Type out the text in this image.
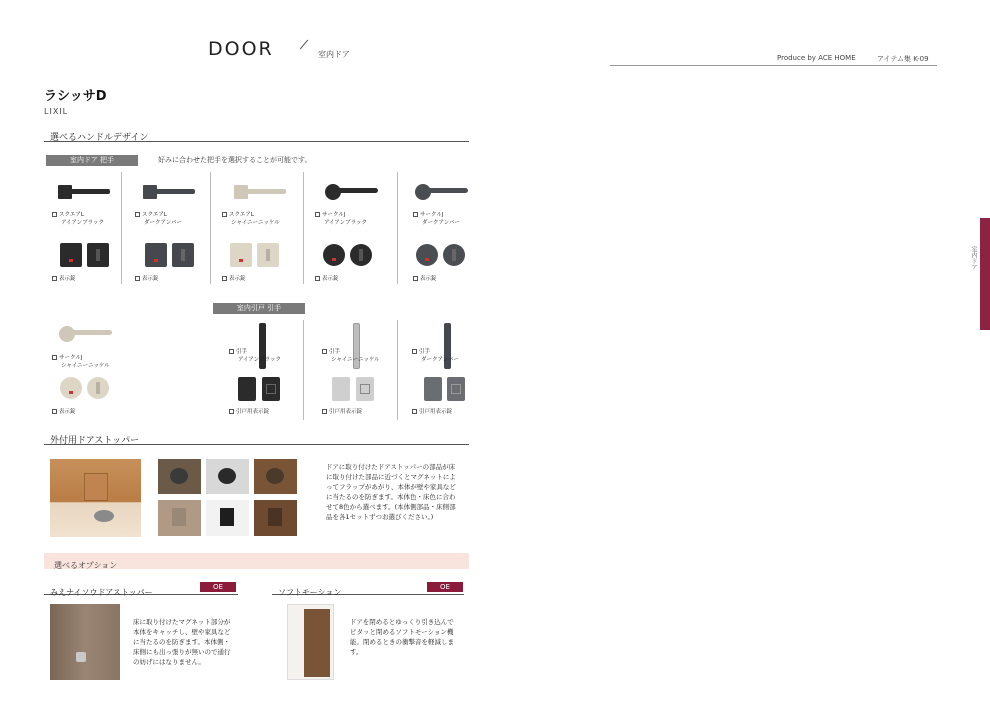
DOOR	室内ドア	Produce by ACE HOME	アイテム集 K-09
室内ドア
ラシッサD
LIXIL
選べるハンドルデザイン
室内ドア 把手	好みに合わせた把手を選択することが可能です。
スクエアL
アイアンブラック
表示錠
スクエアL
ダークアンバー
表示錠
スクエアL
シャイニーニッケル
表示錠
サークルJ
アイアンブラック
表示錠
サークルJ
ダークアンバー
表示錠
室内引戸 引手
サークルJ
シャイニーニッケル
表示錠
引手
アイアンブラック
引戸用表示錠
引手
シャイニーニッケル
引戸用表示錠
引手
ダークアンバー
引戸用表示錠
外付用ドアストッパー
ドアに取り付けたドアストッパーの部品が床に取り付けた部品に近づくとマグネットによってフラップがあがり、本体が壁や家具などに当たるのを防ぎます。本体色・床色に合わせて8色から選べます。(本体側部品・床側部品を各1セットずつお選びください。)
選べるオプション
みえナイソウドアストッパー
OE
床に取り付けたマグネット部分が本体をキャッチし、壁や家具などに当たるのを防ぎます。本体側・床側にも出っ張りが無いので通行の妨げにはなりません。
ソフトモーション
OE
ドアを閉めるとゆっくり引き込んでピタッと閉めるソフトモーション機能。閉めるときの衝撃音を軽減します。
